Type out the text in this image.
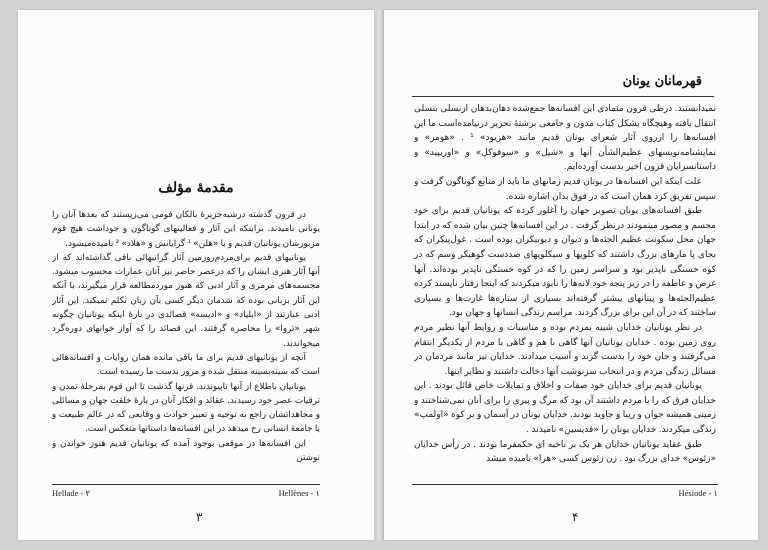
مقدمهٔ مؤلف

در قرون گذشته درشبه‌جزیرهٔ بالکان قومی می‌زیستند که بعدها آنان را یونانی نامیدند. براینکه این آثار و فعالیتهای گوناگون و جوداشت هیچ قوم مزبورشان یونانیان قدیم و یا «هلن» ¹ گرایانش و «هلاد» ² نامیده‌میشود.

یونانیهای قدیم برای‌مردم‌روزمین آثار گرانبهائی باقی گذاشته‌اند که از آنها آثار هنری ایشان را که درعصر حاضر نیز آنان عمارات محسوب میشود. مجسمه‌های مرمری و آثار ادبی که هنوز موردمطالعه قرار میگیرند، با آنکه این آثار بزبانی بوده که شدمان دیگر کسی بآن زبان تکلم نمیکند. این آثار ادبی عبارتند از «ایلیاد» و «ادیسه» قصائدی در بارهٔ اینکه یونانیان چگونه شهر «تروا» را محاصره گرفتند. این قصائد را که آواز خوانهای دوره‌گرد میخواندند.

آنچه از یونانیهای قدیم برای ما باقی مانده همان روایات و افسانه‌هائی است که سینه‌بسینه منتقل شده و مرور بدست ما رسیده است.

یونانیان باطلاع از آنها ناپیوندند. قرنها گذشت تا این قوم بمرحلهٔ تمدن و ترقیات عصر خود رسیدند. عقائد و افکار آنان در بارهٔ خلقت جهان و مسائلی و مجاهداتشان راجع به توجیه و تعبیر حوادث و وقایعی که در عالم طبیعت و یا جامعهٔ انسانی رخ میدهد در این افسانه‌ها داستانها منعکس است.

این افسانه‌ها در موقعی بوجود آمده که یونانیان قدیم هنوز خواندن و نوشتن

Hellènes - ۱
Hellade - ۲
۳
قهرمانان یونان

نمیدانستند. درطی قرون متمادی این افسانه‌ها جمع‌شده دهان‌بدهان ازنسلی بنسلی انتقال یافته وهیچگاه بشکل کتاب مدون و جامعی برشتهٔ تحریر درنیامده‌است ما این افسانه‌ها را ازروی آثار شعرای یونان قدیم مانند «هزیود» ¹ . «هومر» و نمایشنامه‌نویسهای عظیم‌الشأن آنها و «شیل» و «سوفوکل» و «اوریپید» و داستانسرایان قرون اخیر بدست آورده‌ایم.

علت اینکه این افسانه‌ها در یونان قدیم زمانهای ما باید از منابع گوناگون گرفت و سپس تفریق کرد همان است که در فوق بدان اشاره شده.

طبق افسانه‌های یونان تصویر جهان را آغلور کرده که یونانیان قدیم برای خود مجسم و مصور مینمودند درنظر گرفت . در این افسانه‌ها چنین بیان شده که در ابتدا جهان محل سکونت عظیم الجثه‌ها و دیوان و دیوبیکران بوده است . غول‌پیکران که بجای پا مارهای بزرگ داشتند که کلوپها و سیکلوپهای صددست گوهیکر وسم که در کوه خستگی ناپذیر بود و سراسر زمین را که در کوه خستگی ناپذیر بوده‌اند. آنها غرض و عاطفه را در زیر پنجه خود لانه‌ها را نابود میکردند که اینجا رفتار ناپسند کرده عظیم‌الجثه‌ها و پیتانهای بیشتر گرفته‌اند بسیاری از ستاره‌ها غارت‌ها و بسیاری ساختند که در آن این برای بزرگ گردند. مراسم زندگی انسانها و جهان بود.

در نظر یونانیان خدایان شبیه بمردم بوده و مناسبات و روابط آنها نظیر مردم روی زمین بوده . خدایان یونانیان آنها گاهی با هم و گاهی با مردم از یکدیگر انتقام می‌گرفتند و جان خود را بدست گزند و آسیب میدادند. خدایان نیز مانند مردمان در مسائل زندگی مردم و در انتخاب سرنوشت آنها دخالت داشتند و نظایر اینها.

یونانیان قدیم برای خدایان خود صفات و اخلاق و تمایلات خاص قائل بودند . این خدایان فرق که را با مردم داشتند آن بود که مرگ و پیری را برای آنان نمی‌شناختند و زمینی همیشه جوان و زیبا و جاوید بودند. خدایان یونان در آسمان و بر کوه «اولمپ» زندگی میکردند. خدایان یونان را «قدیسین» نامیدند .

طبق عقاید یونانیان خدایان هر یک بر ناحیه ای حکمفرما بودند . در رأس خدایان «زئوس» خدای بزرگ بود . زن زئوس کسی «هرا» نامیده میشد

Hésiode - ۱
۴
